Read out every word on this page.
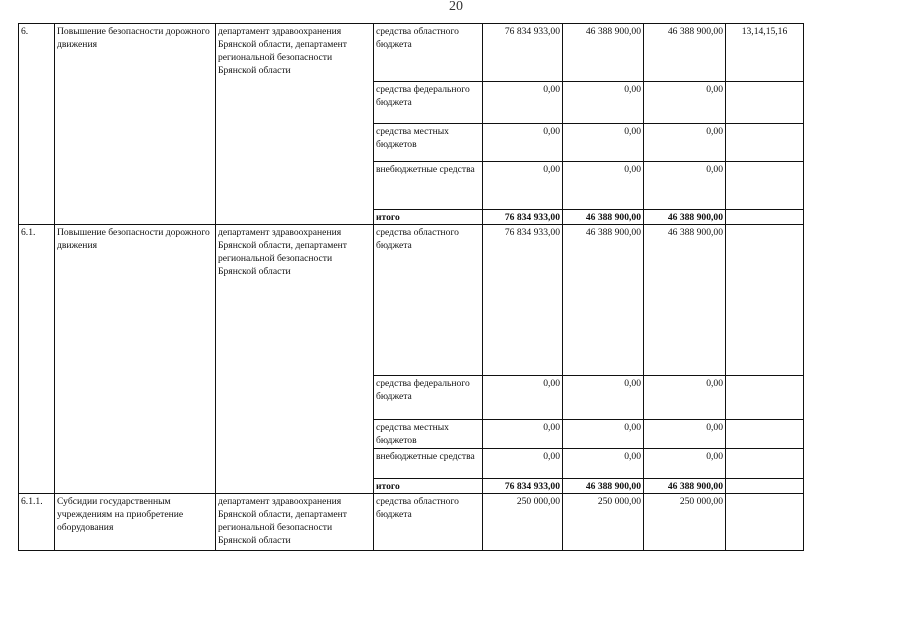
20
6.	Повышение безопасности дорожного движения	департамент здравоохранения Брянской области, департамент региональной безопасности Брянской области	средства областного бюджета	76 834 933,00	46 388 900,00	46 388 900,00	13,14,15,16
			средства федерального бюджета	0,00	0,00	0,00	
			средства местных бюджетов	0,00	0,00	0,00	
			внебюджетные средства	0,00	0,00	0,00	
			итого	76 834 933,00	46 388 900,00	46 388 900,00	
6.1.	Повышение безопасности дорожного движения	департамент здравоохранения Брянской области, департамент региональной безопасности Брянской области	средства областного бюджета	76 834 933,00	46 388 900,00	46 388 900,00	
			средства федерального бюджета	0,00	0,00	0,00	
			средства местных бюджетов	0,00	0,00	0,00	
			внебюджетные средства	0,00	0,00	0,00	
			итого	76 834 933,00	46 388 900,00	46 388 900,00	
6.1.1.	Субсидии государственным учреждениям на приобретение оборудования	департамент здравоохранения Брянской области, департамент региональной безопасности Брянской области	средства областного бюджета	250 000,00	250 000,00	250 000,00	
